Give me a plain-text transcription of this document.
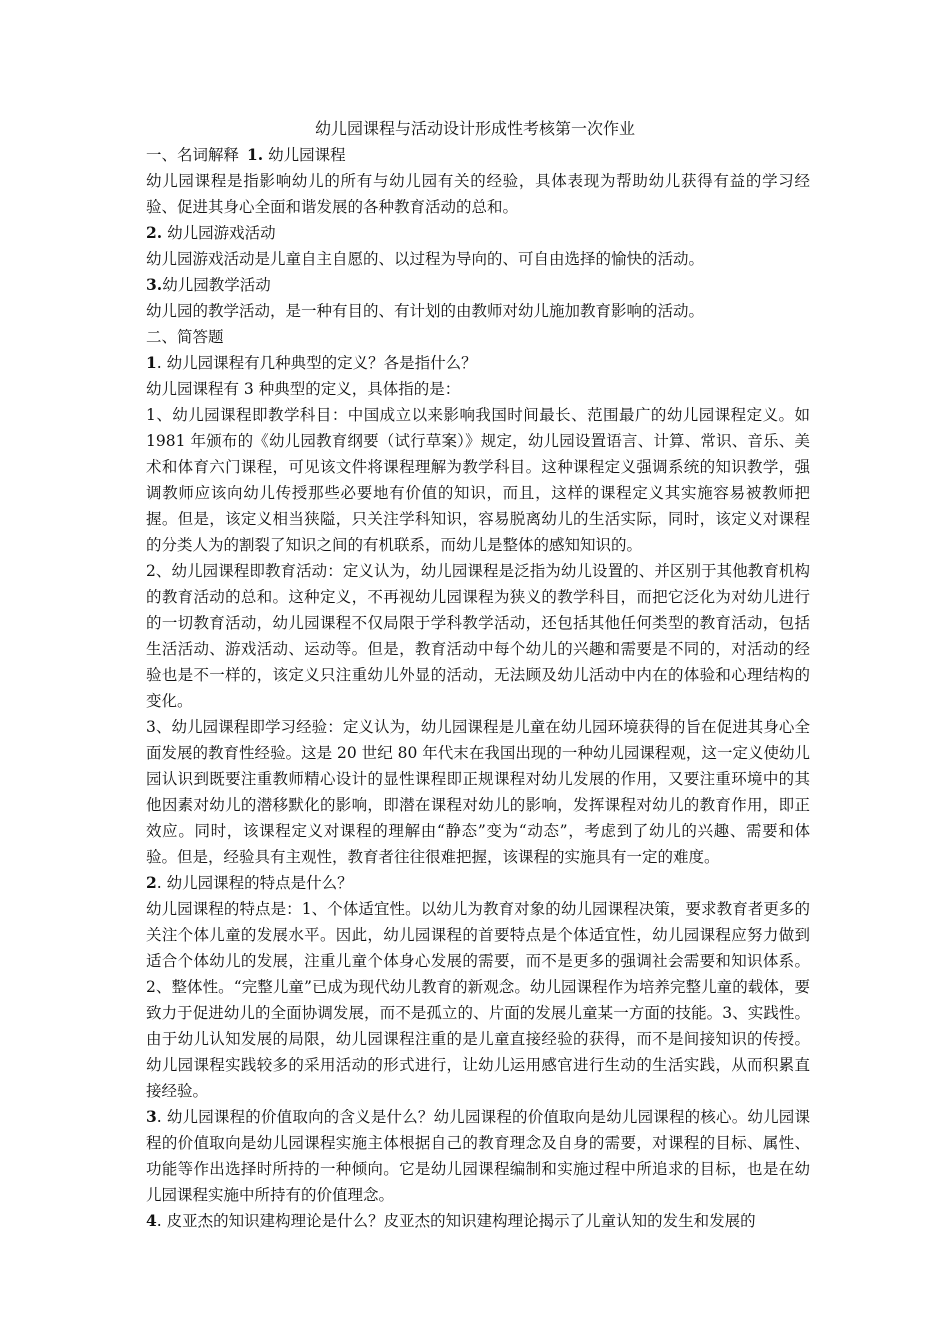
幼儿园课程与活动设计形成性考核第一次作业

一、名词解释 1. 幼儿园课程

幼儿园课程是指影响幼儿的所有与幼儿园有关的经验，具体表现为帮助幼儿获得有益的学习经验、促进其身心全面和谐发展的各种教育活动的总和。

2. 幼儿园游戏活动

幼儿园游戏活动是儿童自主自愿的、以过程为导向的、可自由选择的愉快的活动。

3.幼儿园教学活动

幼儿园的教学活动，是一种有目的、有计划的由教师对幼儿施加教育影响的活动。

二、简答题

1. 幼儿园课程有几种典型的定义？各是指什么？

幼儿园课程有 3 种典型的定义，具体指的是：

1、幼儿园课程即教学科目：中国成立以来影响我国时间最长、范围最广的幼儿园课程定义。如 1981 年颁布的《幼儿园教育纲要（试行草案）》规定，幼儿园设置语言、计算、常识、音乐、美术和体育六门课程，可见该文件将课程理解为教学科目。这种课程定义强调系统的知识教学，强调教师应该向幼儿传授那些必要地有价值的知识，而且，这样的课程定义其实施容易被教师把握。但是，该定义相当狭隘，只关注学科知识，容易脱离幼儿的生活实际，同时，该定义对课程的分类人为的割裂了知识之间的有机联系，而幼儿是整体的感知知识的。

2、幼儿园课程即教育活动：定义认为，幼儿园课程是泛指为幼儿设置的、并区别于其他教育机构的教育活动的总和。这种定义，不再视幼儿园课程为狭义的教学科目，而把它泛化为对幼儿进行的一切教育活动，幼儿园课程不仅局限于学科教学活动，还包括其他任何类型的教育活动，包括生活活动、游戏活动、运动等。但是，教育活动中每个幼儿的兴趣和需要是不同的，对活动的经验也是不一样的，该定义只注重幼儿外显的活动，无法顾及幼儿活动中内在的体验和心理结构的变化。

3、幼儿园课程即学习经验：定义认为，幼儿园课程是儿童在幼儿园环境获得的旨在促进其身心全面发展的教育性经验。这是 20 世纪 80 年代末在我国出现的一种幼儿园课程观，这一定义使幼儿园认识到既要注重教师精心设计的显性课程即正规课程对幼儿发展的作用，又要注重环境中的其他因素对幼儿的潜移默化的影响，即潜在课程对幼儿的影响，发挥课程对幼儿的教育作用，即正效应。同时，该课程定义对课程的理解由“静态”变为“动态”，考虑到了幼儿的兴趣、需要和体验。但是，经验具有主观性，教育者往往很难把握，该课程的实施具有一定的难度。

2. 幼儿园课程的特点是什么？

幼儿园课程的特点是：1、个体适宜性。以幼儿为教育对象的幼儿园课程决策，要求教育者更多的关注个体儿童的发展水平。因此，幼儿园课程的首要特点是个体适宜性，幼儿园课程应努力做到适合个体幼儿的发展，注重儿童个体身心发展的需要，而不是更多的强调社会需要和知识体系。2、整体性。“完整儿童”已成为现代幼儿教育的新观念。幼儿园课程作为培养完整儿童的载体，要致力于促进幼儿的全面协调发展，而不是孤立的、片面的发展儿童某一方面的技能。3、实践性。由于幼儿认知发展的局限，幼儿园课程注重的是儿童直接经验的获得，而不是间接知识的传授。幼儿园课程实践较多的采用活动的形式进行，让幼儿运用感官进行生动的生活实践，从而积累直接经验。

3. 幼儿园课程的价值取向的含义是什么？幼儿园课程的价值取向是幼儿园课程的核心。幼儿园课程的价值取向是幼儿园课程实施主体根据自己的教育理念及自身的需要，对课程的目标、属性、功能等作出选择时所持的一种倾向。它是幼儿园课程编制和实施过程中所追求的目标，也是在幼儿园课程实施中所持有的价值理念。

4. 皮亚杰的知识建构理论是什么？皮亚杰的知识建构理论揭示了儿童认知的发生和发展的
